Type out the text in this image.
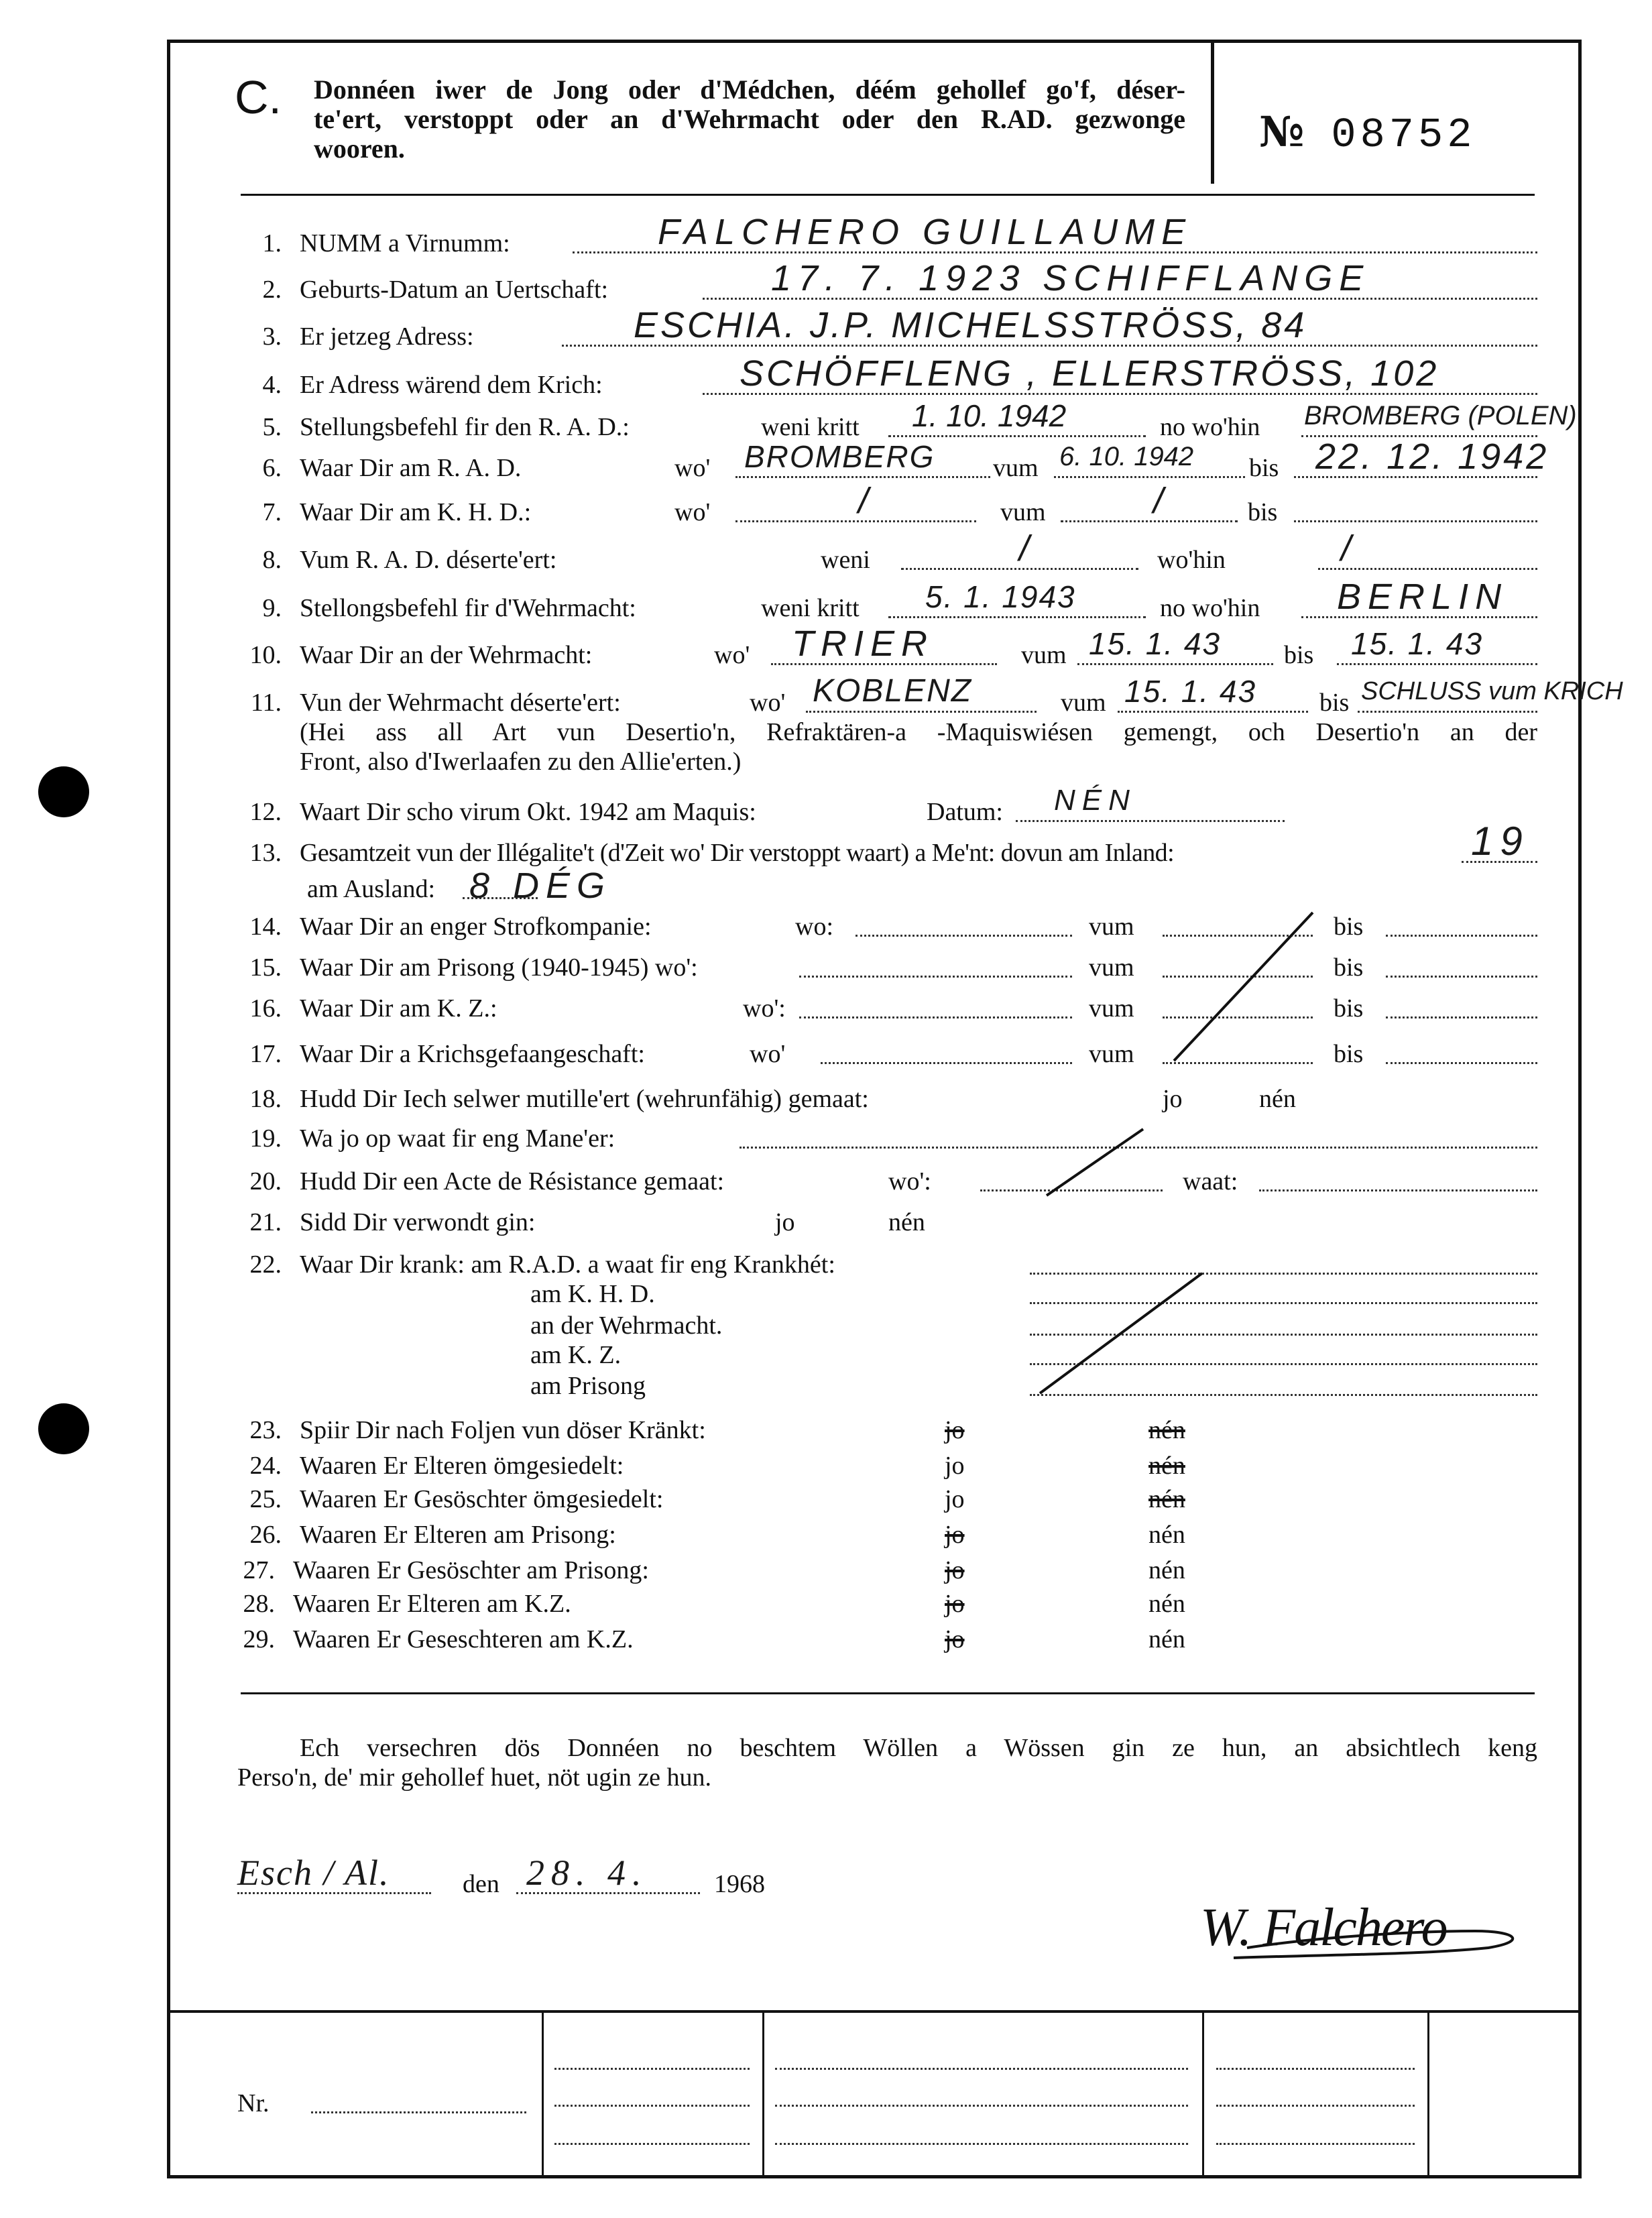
C. Donnéen iwer de Jong oder d'Médchen, déém gehollef go'f, déser-
te'ert, verstoppt oder an d'Wehrmacht oder den R.AD. gezwonge
wooren.	№ 08752
1. NUMM a Virnumm:	FALCHERO GUILLAUME
2. Geburts-Datum an Uertschaft:	17. 7. 1923 SCHIFFLANGE
3. Er jetzeg Adress:	ESCHIA. J.P. MICHELSSTRÖSS, 84
4. Er Adress wärend dem Krich:	SCHÖFFLENG , ELLERSTRÖSS, 102
5. Stellungsbefehl fir den R. A. D.:	weni kritt 1. 10. 1942	no wo'hin BROMBERG (POLEN)
6. Waar Dir am R. A. D.	wo' BROMBERG vum 6. 10. 1942 bis 22. 12. 1942
7. Waar Dir am K. H. D.:	wo'	/	vum	/	bis
8. Vum R. A. D. déserte'ert:	weni	/	wo'hin	/
9. Stellongsbefehl fir d'Wehrmacht:	weni kritt 5. 1. 1943	no wo'hin BERLIN
10. Waar Dir an der Wehrmacht:	wo' TRIER	vum 15. 1. 43 bis 15. 1. 43
11. Vun der Wehrmacht déserte'ert:	wo' KOBLENZ	vum 15. 1. 43 bis SCHLUSS vum KRICH
(Hei ass all Art vun Desertio'n, Refraktären-a -Maquiswiésen gemengt, och Desertio'n an der
Front, also d'Iwerlaafen zu den Allie'erten.)
12. Waart Dir scho virum Okt. 1942 am Maquis:	Datum: NÉN
13. Gesamtzeit vun der Illégalite't (d'Zeit wo' Dir verstoppt waart) a Me'nt: dovun am Inland:	19
am Ausland: 8 DÉG
14. Waar Dir an enger Strofkompanie:	wo:	vum	bis
15. Waar Dir am Prisong (1940-1945) wo':	vum	bis
16. Waar Dir am K. Z.:	wo':	vum	bis
17. Waar Dir a Krichsgefaangeschaft:	wo'	vum	bis
18. Hudd Dir Iech selwer mutille'ert (wehrunfähig) gemaat:	jo	nén
19. Wa jo op waat fir eng Mane'er:
20. Hudd Dir een Acte de Résistance gemaat:	wo':	waat:
21. Sidd Dir verwondt gin:	jo	nén
22. Waar Dir krank: am R.A.D. a waat fir eng Krankhét:
am K. H. D.
an der Wehrmacht.
am K. Z.
am Prisong
23. Spiir Dir nach Foljen vun döser Kränkt:	jo	nén
24. Waaren Er Elteren ömgesiedelt:	jo	nén
25. Waaren Er Gesöschter ömgesiedelt:	jo	nén
26. Waaren Er Elteren am Prisong:	jo	nén
27. Waaren Er Gesöschter am Prisong:	jo	nén
28. Waaren Er Elteren am K.Z.	jo	nén
29. Waaren Er Geseschteren am K.Z.	jo	nén
Ech versechren dös Donnéen no beschtem Wöllen a Wössen gin ze hun, an absichtlech keng
Perso'n, de' mir gehollef huet, nöt ugin ze hun.
Esch / Al.	den 28. 4.	1968
W. Falchero
Nr.
